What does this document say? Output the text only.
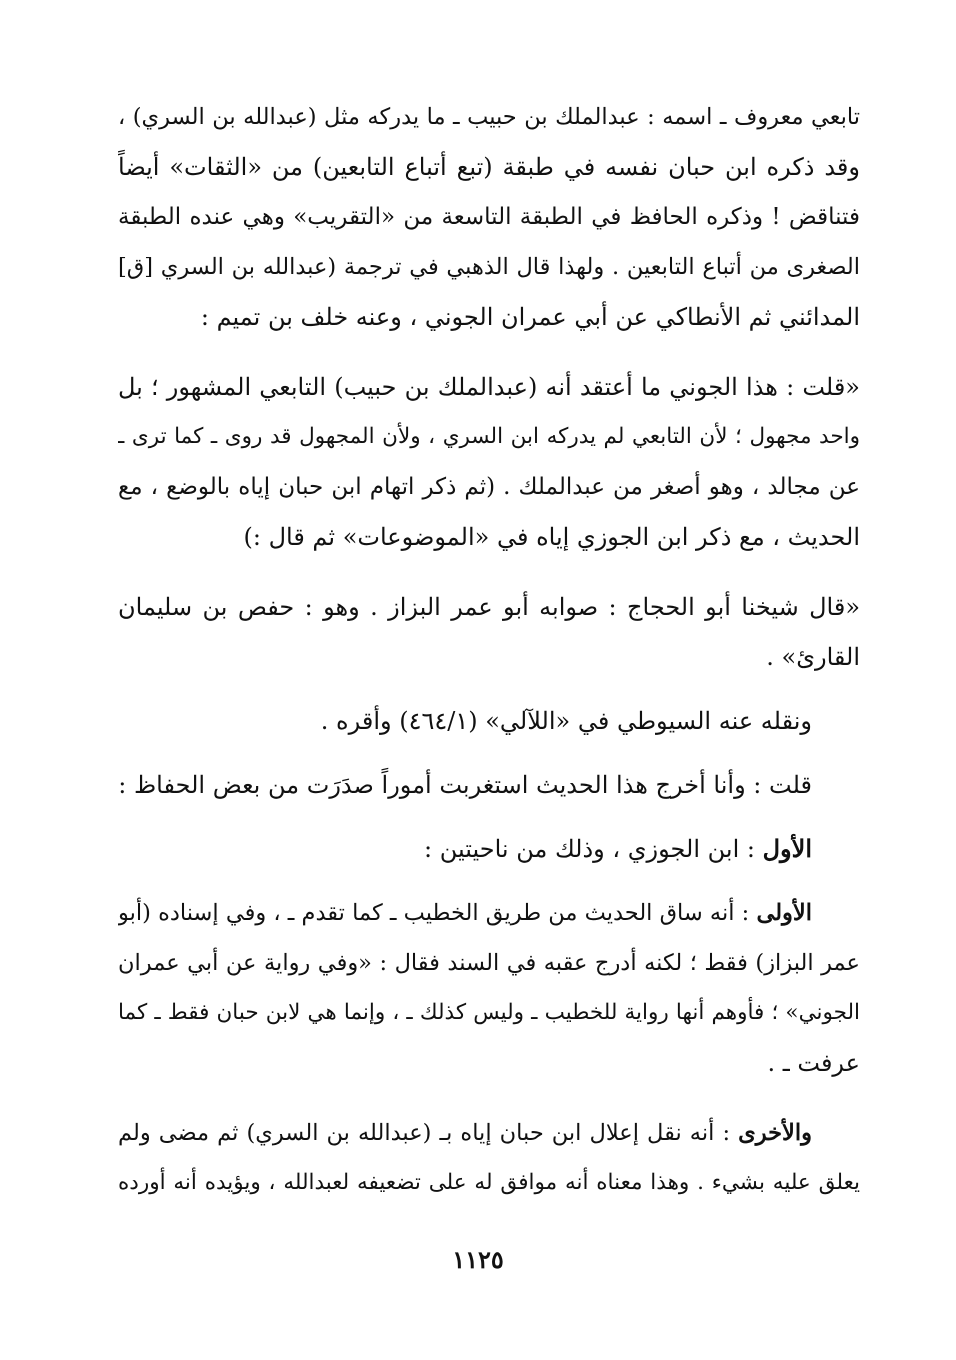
تابعي معروف ـ اسمه : عبدالملك بن حبيب ـ ما يدركه مثل (عبدالله بن السري) ،
وقد ذكره ابن حبان نفسه في طبقة (تبع أتباع التابعين) من «الثقات» أيضاً
فتناقض ! وذكره الحافظ في الطبقة التاسعة من «التقريب» وهي عنده الطبقة
الصغرى من أتباع التابعين . ولهذا قال الذهبي في ترجمة (عبدالله بن السري [ق]
المدائني ثم الأنطاكي عن أبي عمران الجوني ، وعنه خلف بن تميم :
«قلت : هذا الجوني ما أعتقد أنه (عبدالملك بن حبيب) التابعي المشهور ؛ بل
واحد مجهول ؛ لأن التابعي لم يدركه ابن السري ، ولأن المجهول قد روى ـ كما ترى ـ
عن مجالد ، وهو أصغر من عبدالملك . (ثم ذكر اتهام ابن حبان إياه بالوضع ، مع
الحديث ، مع ذكر ابن الجوزي إياه في «الموضوعات» ثم قال :)
«قال شيخنا أبو الحجاج : صوابه أبو عمر البزاز . وهو : حفص بن سليمان
القارئ» .
ونقله عنه السيوطي في «اللآلي» (٤٦٤/١) وأقره .
قلت : وأنا أخرج هذا الحديث استغربت أموراً صدَرَت من بعض الحفاظ :
الأول : ابن الجوزي ، وذلك من ناحيتين :
الأولى : أنه ساق الحديث من طريق الخطيب ـ كما تقدم ـ ، وفي إسناده (أبو
عمر البزاز) فقط ؛ لكنه أدرج عقبه في السند فقال : «وفي رواية عن أبي عمران
الجوني» ؛ فأوهم أنها رواية للخطيب ـ وليس كذلك ـ ، وإنما هي لابن حبان فقط ـ كما
عرفت ـ .
والأخرى : أنه نقل إعلال ابن حبان إياه بـ (عبدالله بن السري) ثم مضى ولم
يعلق عليه بشيء . وهذا معناه أنه موافق له على تضعيفه لعبدالله ، ويؤيده أنه أورده
١١٢٥
